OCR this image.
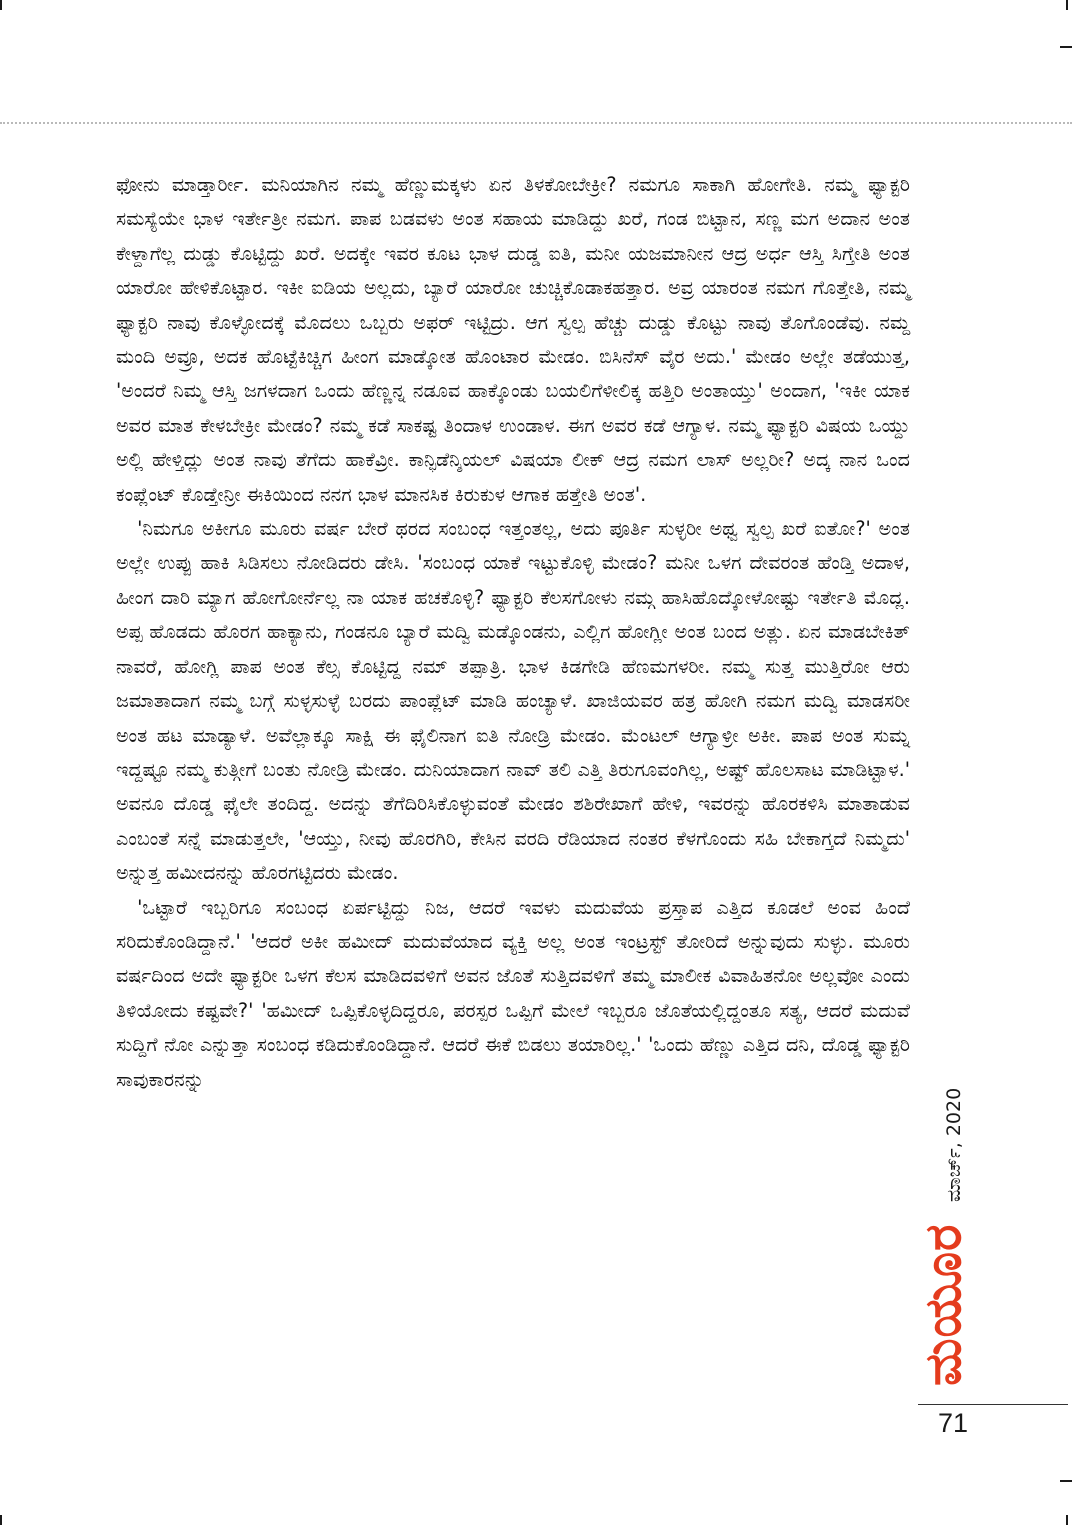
ಫೋನು ಮಾಡ್ತಾರ್ರೀ. ಮನಿಯಾಗಿನ ನಮ್ಮ ಹೆಣ್ಣುಮಕ್ಕಳು ಏನ ತಿಳಕೋಬೇಕ್ರೀ? ನಮಗೂ ಸಾಕಾಗಿ ಹೋಗೇತಿ. ನಮ್ಮ ಫ್ಯಾಕ್ಟರಿ ಸಮಸ್ಯೆಯೇ ಭಾಳ ಇರ್ತೇತ್ರೀ ನಮಗ. ಪಾಪ ಬಡವಳು ಅಂತ ಸಹಾಯ ಮಾಡಿದ್ದು ಖರೆ, ಗಂಡ ಬಿಟ್ಟಾನ, ಸಣ್ಣ ಮಗ ಅದಾನ ಅಂತ ಕೇಳ್ದಾಗೆಲ್ಲ ದುಡ್ಡು ಕೊಟ್ಟಿದ್ದು ಖರೆ. ಅದಕ್ಕೇ ಇವರ ಕೂಟ ಭಾಳ ದುಡ್ಡ ಐತಿ, ಮನೀ ಯಜಮಾನೀನ ಆದ್ರ ಅರ್ಧ ಆಸ್ತಿ ಸಿಗ್ತೇತಿ ಅಂತ ಯಾರೋ ಹೇಳಿಕೊಟ್ಟಾರ. ಇಕೀ ಐಡಿಯ ಅಲ್ಲದು, ಬ್ಯಾರೆ ಯಾರೋ ಚುಚ್ಚಿಕೊಡಾಕಹತ್ತಾರ. ಅವ್ರ ಯಾರಂತ ನಮಗ ಗೊತ್ತೇತಿ, ನಮ್ಮ ಫ್ಯಾಕ್ಟರಿ ನಾವು ಕೊಳ್ಳೋದಕ್ಕೆ ಮೊದಲು ಒಬ್ಬರು ಅಫರ್ ಇಟ್ಟಿದ್ರು. ಆಗ ಸ್ವಲ್ಪ ಹೆಚ್ಚು ದುಡ್ಡು ಕೊಟ್ಟು ನಾವು ತೊಗೊಂಡೆವು. ನಮ್ದ ಮಂದಿ ಅವ್ರೂ, ಅದಕ ಹೊಟ್ಟೆಕಿಚ್ಚಿಗ ಹೀಂಗ ಮಾಡ್ಕೋತ ಹೊಂಟಾರ ಮೇಡಂ. ಬಿಸಿನೆಸ್ ವೈರ ಅದು.' ಮೇಡಂ ಅಲ್ಲೇ ತಡೆಯುತ್ತ, 'ಅಂದರೆ ನಿಮ್ಮ ಆಸ್ತಿ ಜಗಳದಾಗ ಒಂದು ಹೆಣ್ಣನ್ನ ನಡೂವ ಹಾಕ್ಕೊಂಡು ಬಯಲಿಗೆಳೀಲಿಕ್ಕ ಹತ್ತಿರಿ ಅಂತಾಯ್ತು' ಅಂದಾಗ, 'ಇಕೀ ಯಾಕ ಅವರ ಮಾತ ಕೇಳಬೇಕ್ರೀ ಮೇಡಂ? ನಮ್ಮ ಕಡೆ ಸಾಕಷ್ಟ ತಿಂದಾಳ ಉಂಡಾಳ. ಈಗ ಅವರ ಕಡೆ ಆಗ್ಯಾಳ. ನಮ್ಮ ಫ್ಯಾಕ್ಟರಿ ವಿಷಯ ಒಯ್ದು ಅಲ್ಲಿ ಹೇಳ್ತಿದ್ಲು ಅಂತ ನಾವು ತೆಗೆದು ಹಾಕೆವ್ರೀ. ಕಾನ್ಫಿಡೆನ್ಶಿಯಲ್ ವಿಷಯಾ ಲೀಕ್ ಆದ್ರ ನಮಗ ಲಾಸ್ ಅಲ್ಲರೀ? ಅದ್ಕ ನಾನ ಒಂದ ಕಂಪ್ಲೆಂಟ್ ಕೊಡ್ತೇನ್ರೀ ಈಕಿಯಿಂದ ನನಗ ಭಾಳ ಮಾನಸಿಕ ಕಿರುಕುಳ ಆಗಾಕ ಹತ್ತೇತಿ ಅಂತ'.

'ನಿಮಗೂ ಅಕೀಗೂ ಮೂರು ವರ್ಷ ಬೇರೆ ಥರದ ಸಂಬಂಧ ಇತ್ತಂತಲ್ಲ, ಅದು ಪೂರ್ತಿ ಸುಳ್ಳರೀ ಅಥ್ವ ಸ್ವಲ್ಪ ಖರೆ ಐತೋ?' ಅಂತ ಅಲ್ಲೇ ಉಪ್ಪು ಹಾಕಿ ಸಿಡಿಸಲು ನೋಡಿದರು ಡೇಸಿ. 'ಸಂಬಂಧ ಯಾಕೆ ಇಟ್ಟುಕೊಳ್ಳಿ ಮೇಡಂ? ಮನೀ ಒಳಗ ದೇವರಂತ ಹೆಂಡ್ತಿ ಅದಾಳ, ಹೀಂಗ ದಾರಿ ಮ್ಯಾಗ ಹೋಗೋರ್ನೆಲ್ಲ ನಾ ಯಾಕ ಹಚಕೊಳ್ಳಿ? ಫ್ಯಾಕ್ಟರಿ ಕೆಲಸಗೋಳು ನಮ್ಗ ಹಾಸಿಹೊದ್ಕೋಳೋಷ್ಟು ಇರ್ತೇತಿ ಮೊದ್ಲ. ಅಪ್ಪ ಹೊಡದು ಹೊರಗ ಹಾಕ್ಯಾನು, ಗಂಡನೂ ಬ್ಯಾರೆ ಮದ್ವಿ ಮಡ್ಕೊಂಡನು, ಎಲ್ಲಿಗ ಹೋಗ್ಲೀ ಅಂತ ಬಂದ ಅತ್ಲು. ಏನ ಮಾಡಬೇಕಿತ್ ನಾವರೆ, ಹೋಗ್ಲಿ ಪಾಪ ಅಂತ ಕೆಲ್ಸ ಕೊಟ್ಟಿದ್ದ ನಮ್ ತಪ್ಪಾತ್ರಿ. ಭಾಳ ಕಿಡಗೇಡಿ ಹೆಣಮಗಳರೀ. ನಮ್ಮ ಸುತ್ತ ಮುತ್ತಿರೋ ಆರು ಜಮಾತಾದಾಗ ನಮ್ಮ ಬಗ್ಗೆ ಸುಳ್ಳಸುಳ್ಳೆ ಬರದು ಪಾಂಪ್ಲೆಟ್ ಮಾಡಿ ಹಂಚ್ಯಾಳೆ. ಖಾಜಿಯವರ ಹತ್ರ ಹೋಗಿ ನಮಗ ಮದ್ವಿ ಮಾಡಸರೀ ಅಂತ ಹಟ ಮಾಡ್ಯಾಳೆ. ಅವೆಲ್ಲಾಕ್ಕೂ ಸಾಕ್ಷಿ ಈ ಫೈಲಿನಾಗ ಐತಿ ನೋಡ್ರಿ ಮೇಡಂ. ಮೆಂಟಲ್ ಆಗ್ಯಾಳ್ರೀ ಅಕೀ. ಪಾಪ ಅಂತ ಸುಮ್ನ ಇದ್ದಷ್ಟೂ ನಮ್ಮ ಕುತ್ಗೀಗೆ ಬಂತು ನೋಡ್ರಿ ಮೇಡಂ. ದುನಿಯಾದಾಗ ನಾವ್ ತಲಿ ಎತ್ತಿ ತಿರುಗೂವಂಗಿಲ್ಲ, ಅಷ್ಟ್ ಹೊಲಸಾಟ ಮಾಡಿಟ್ಟಾಳ.' ಅವನೂ ದೊಡ್ಡ ಫೈಲೇ ತಂದಿದ್ದ. ಅದನ್ನು ತೆಗೆದಿರಿಸಿಕೊಳ್ಳುವಂತೆ ಮೇಡಂ ಶಶಿರೇಖಾಗೆ ಹೇಳಿ, ಇವರನ್ನು ಹೊರಕಳಿಸಿ ಮಾತಾಡುವ ಎಂಬಂತೆ ಸನ್ನೆ ಮಾಡುತ್ತಲೇ, 'ಆಯ್ತು, ನೀವು ಹೊರಗಿರಿ, ಕೇಸಿನ ವರದಿ ರೆಡಿಯಾದ ನಂತರ ಕೆಳಗೊಂದು ಸಹಿ ಬೇಕಾಗ್ತದೆ ನಿಮ್ಮದು' ಅನ್ನುತ್ತ ಹಮೀದನನ್ನು ಹೊರಗಟ್ಟಿದರು ಮೇಡಂ.

'ಒಟ್ಟಾರೆ ಇಬ್ಬರಿಗೂ ಸಂಬಂಧ ಏರ್ಪಟ್ಟಿದ್ದು ನಿಜ, ಆದರೆ ಇವಳು ಮದುವೆಯ ಪ್ರಸ್ತಾಪ ಎತ್ತಿದ ಕೂಡಲೆ ಅಂವ ಹಿಂದೆ ಸರಿದುಕೊಂಡಿದ್ದಾನೆ.' 'ಆದರೆ ಅಕೀ ಹಮೀದ್ ಮದುವೆಯಾದ ವ್ಯಕ್ತಿ ಅಲ್ಲ ಅಂತ ಇಂಟ್ರಸ್ಟ್ ತೋರಿದೆ ಅನ್ನುವುದು ಸುಳ್ಳು. ಮೂರು ವರ್ಷದಿಂದ ಅದೇ ಫ್ಯಾಕ್ಟರೀ ಒಳಗ ಕೆಲಸ ಮಾಡಿದವಳಿಗೆ ಅವನ ಜೊತೆ ಸುತ್ತಿದವಳಿಗೆ ತಮ್ಮ ಮಾಲೀಕ ವಿವಾಹಿತನೋ ಅಲ್ಲವೋ ಎಂದು ತಿಳಿಯೋದು ಕಷ್ಟವೇ?' 'ಹಮೀದ್ ಒಪ್ಪಿಕೊಳ್ಳದಿದ್ದರೂ, ಪರಸ್ಪರ ಒಪ್ಪಿಗೆ ಮೇಲೆ ಇಬ್ಬರೂ ಜೊತೆಯಲ್ಲಿದ್ದಂತೂ ಸತ್ಯ, ಆದರೆ ಮದುವೆ ಸುದ್ದಿಗೆ ನೋ ಎನ್ನುತ್ತಾ ಸಂಬಂಧ ಕಡಿದುಕೊಂಡಿದ್ದಾನೆ. ಆದರೆ ಈಕೆ ಬಿಡಲು ತಯಾರಿಲ್ಲ.' 'ಒಂದು ಹೆಣ್ಣು ಎತ್ತಿದ ದನಿ, ದೊಡ್ಡ ಫ್ಯಾಕ್ಟರಿ ಸಾವುಕಾರನನ್ನು

ಮಾರ್ಚ್, 2020
ಮಯೂರ
71
